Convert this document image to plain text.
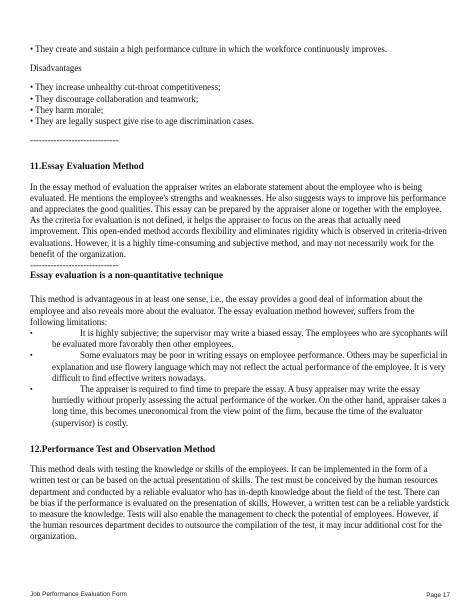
• They create and sustain a high performance culture in which the workforce continuously improves.

Disadvantages

• They increase unhealthy cut-throat competitiveness;

• They discourage collaboration and teamwork;

• They harm morale;

• They are legally suspect give rise to age discrimination cases.

------------------------------

11.Essay Evaluation Method

In the essay method of evaluation the appraiser writes an elaborate statement about the employee who is being evaluated. He mentions the employee's strengths and weaknesses. He also suggests ways to improve his performance and appreciates the good qualities. This essay can be prepared by the appraiser alone or together with the employee. As the criteria for evaluation is not defined, it helps the appraiser to focus on the areas that actually need improvement. This open-ended method accords flexibility and eliminates rigidity which is observed in criteria-driven evaluations. However, it is a highly time-consuming and subjective method, and may not necessarily work for the benefit of the organization.

------------------------------

Essay evaluation is a non-quantitative technique

This method is advantageous in at least one sense, i.e., the essay provides a good deal of information about the employee and also reveals more about the evaluator. The essay evaluation method however, suffers from the following limitations:

▪	It is highly subjective; the supervisor may write a biased essay. The employees who are sycophants will be evaluated more favorably then other employees.

▪	Some evaluators may be poor in writing essays on employee performance. Others may be superficial in explanation and use flowery language which may not reflect the actual performance of the employee. It is very difficult to find effective writers nowadays.

▪	The appraiser is required to find time to prepare the essay. A busy appraiser may write the essay hurriedly without properly assessing the actual performance of the worker. On the other hand, appraiser takes a long time, this becomes uneconomical from the view point of the firm, because the time of the evaluator (supervisor) is costly.

12.Performance Test and Observation Method

This method deals with testing the knowledge or skills of the employees. It can be implemented in the form of a written test or can be based on the actual presentation of skills. The test must be conceived by the human resources department and conducted by a reliable evaluator who has in-depth knowledge about the field of the test. There can be bias if the performance is evaluated on the presentation of skills. However, a written test can be a reliable yardstick to measure the knowledge. Tests will also enable the management to check the potential of employees. However, if the human resources department decides to outsource the compilation of the test, it may incur additional cost for the organization.

Job Performance Evaluation Form	Page 17
